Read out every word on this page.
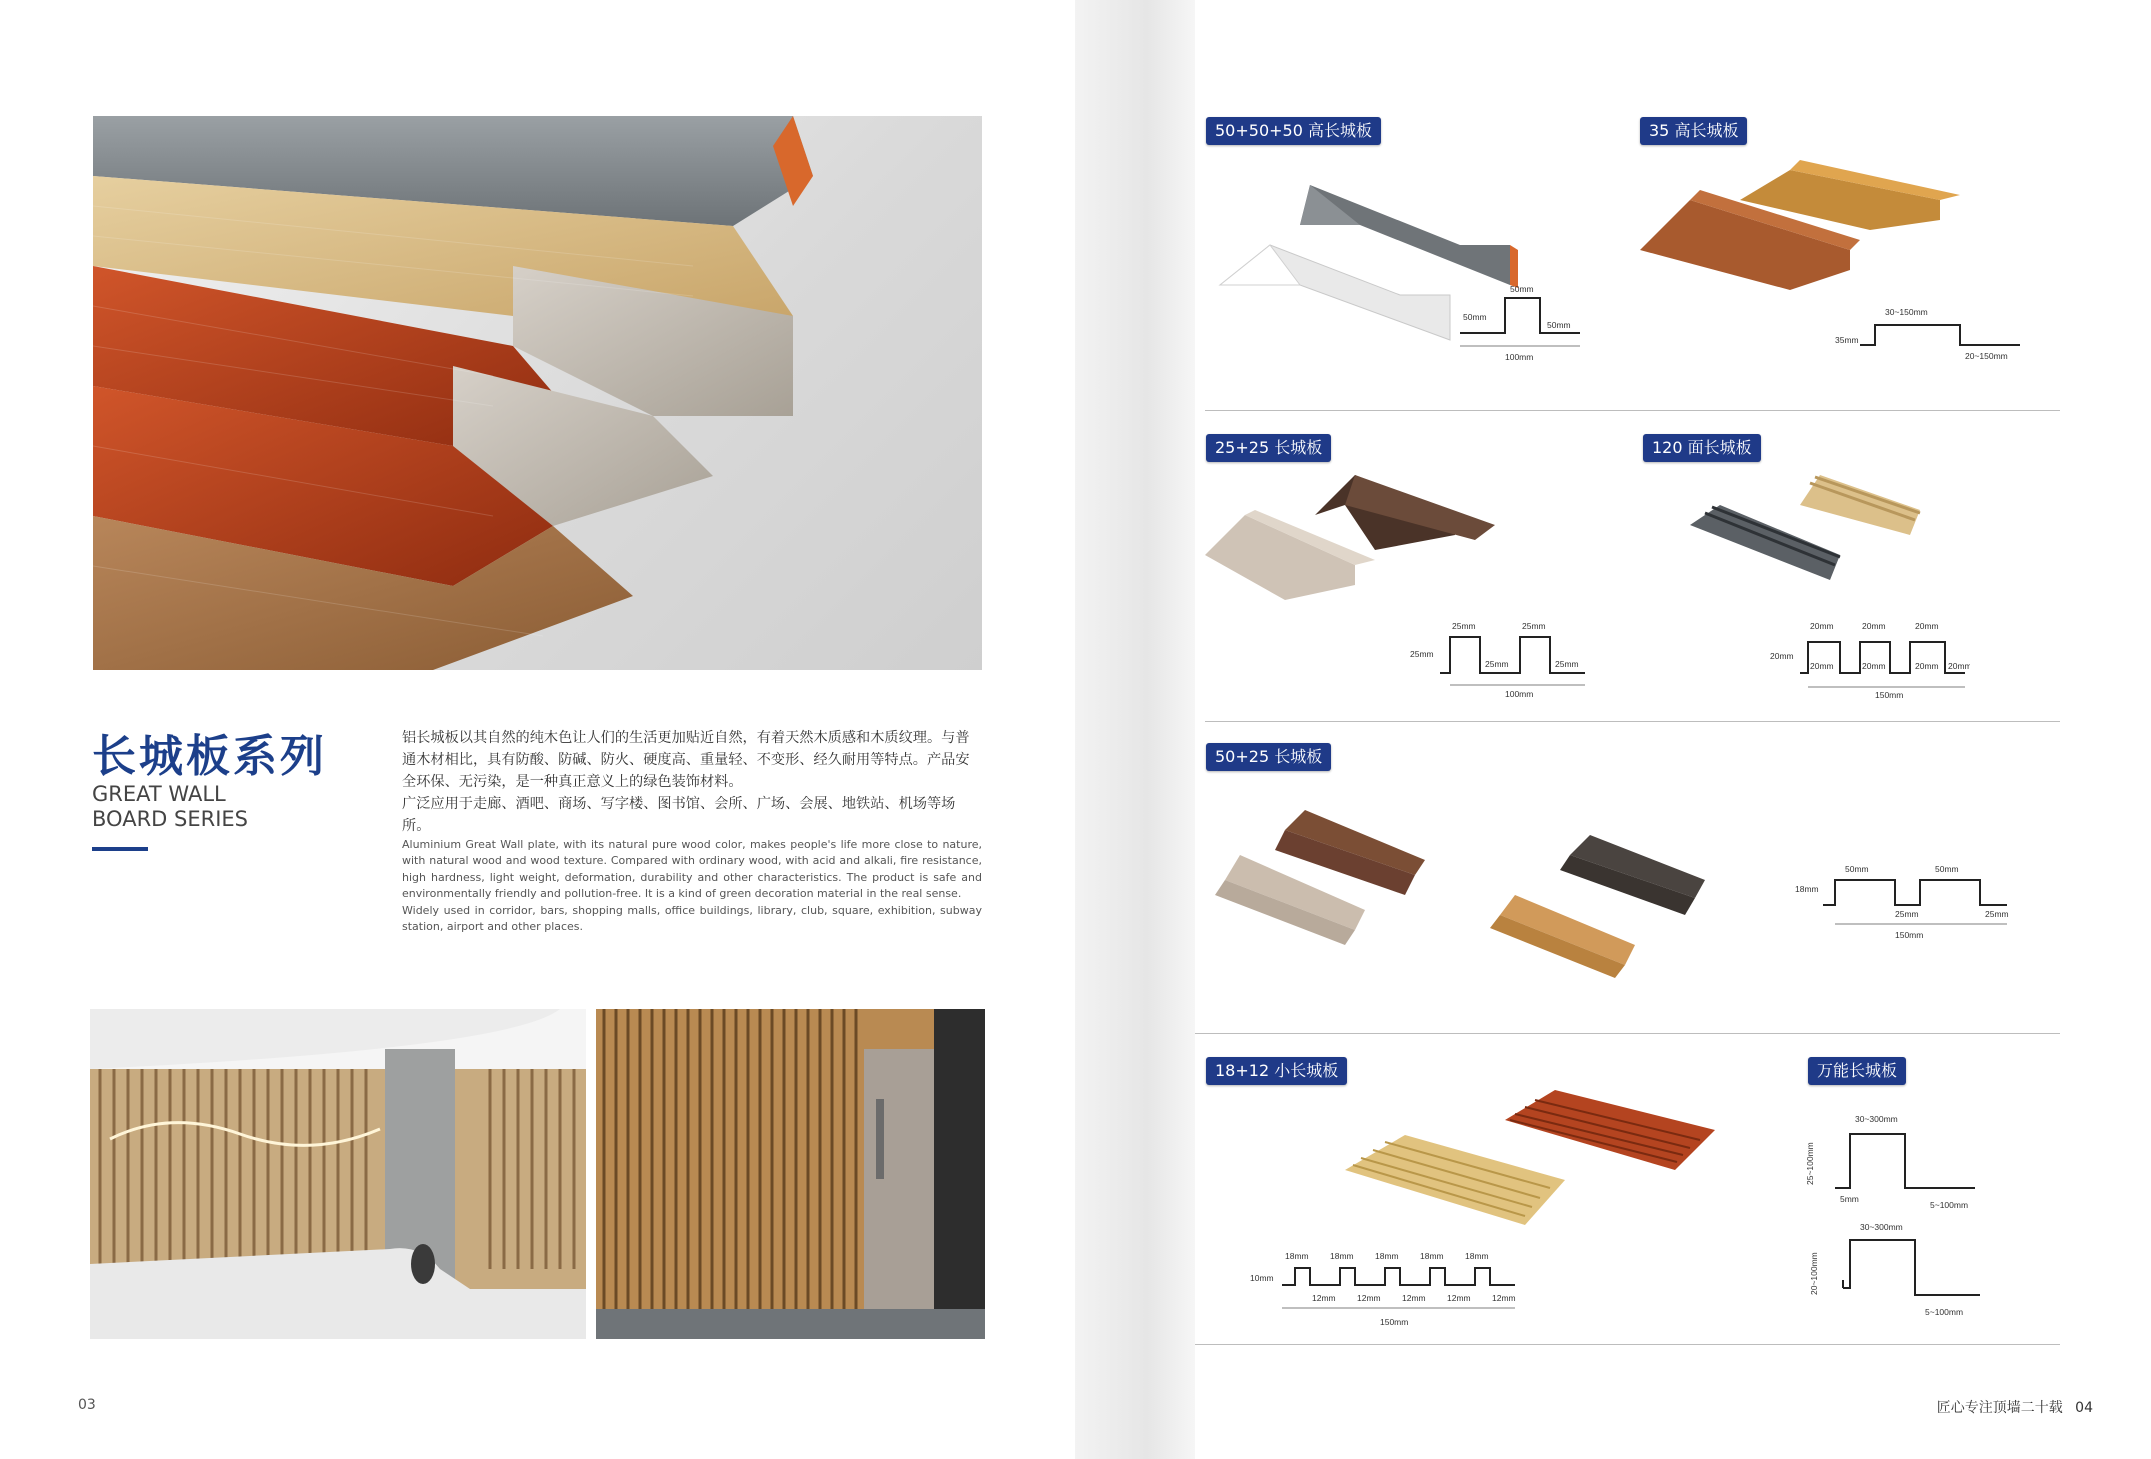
长城板系列
GREAT WALL
BOARD SERIES

铝长城板以其自然的纯木色让人们的生活更加贴近自然，有着天然木质感和木质纹理。与普通木材相比，具有防酸、防碱、防火、硬度高、重量轻、不变形、经久耐用等特点。产品安全环保、无污染，是一种真正意义上的绿色装饰材料。

广泛应用于走廊、酒吧、商场、写字楼、图书馆、会所、广场、会展、地铁站、机场等场所。

Aluminium Great Wall plate, with its natural pure wood color, makes people's life more close to nature, with natural wood and wood texture. Compared with ordinary wood, with acid and alkali, fire resistance, high hardness, light weight, deformation, durability and other characteristics. The product is safe and environmentally friendly and pollution-free. It is a kind of green decoration material in the real sense.

Widely used in corridor, bars, shopping malls, office buildings, library, club, square, exhibition, subway station, airport and other places.

03
50+50+50 高长城板
50mm
50mm
50mm
100mm
35 高长城板
30~150mm
35mm
20~150mm
25+25 长城板
25mm	25mm
25mm
25mm	25mm
100mm
120 面长城板
20mm	20mm	20mm
20mm
20mm	20mm	20mm 20mm
150mm
50+25 长城板
50mm	50mm
18mm
25mm	25mm
150mm
18+12 小长城板
18mm	18mm	18mm	18mm	18mm
10mm
12mm	12mm	12mm	12mm	12mm
150mm
万能长城板
30~300mm
25~100mm
5mm
5~100mm
30~300mm
20~100mm
5~100mm
匠心专注顶墙二十载 04
